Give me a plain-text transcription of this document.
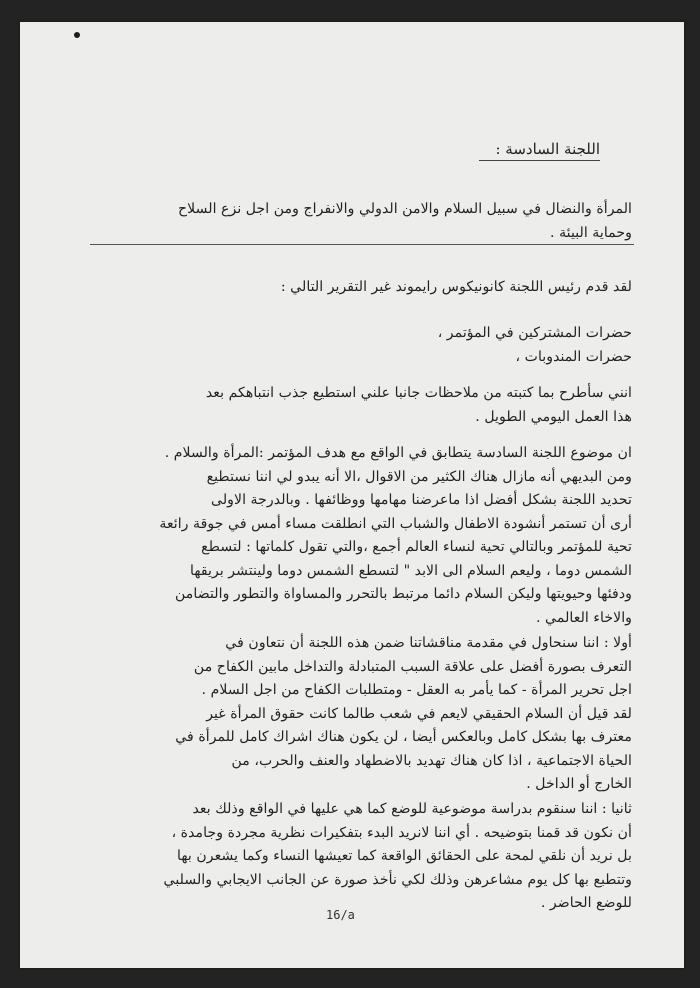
اللجنة السادسة :
المرأة والنضال في سبيل السلام والامن الدولي والانفراج ومن اجل نزع السلاح
وحماية البيئة .
لقد قدم رئيس اللجنة كانونيكوس رايموند غير التقرير التالي :
حضرات المشتركين في المؤتمر ،
حضرات المندوبات ،
انني سأطرح بما كتبته من ملاحظات جانبا علني استطيع جذب انتباهكم بعد
هذا العمل اليومي الطويل .
ان موضوع اللجنة السادسة يتطابق في الواقع مع هدف المؤتمر :المرأة والسلام .
ومن البديهي أنه مازال هناك الكثير من الاقوال ،الا أنه يبدو لي اننا نستطيع
تحديد اللجنة بشكل أفضل اذا ماعرضنا مهامها ووظائفها . وبالدرجة الاولى
أرى أن تستمر أنشودة الاطفال والشباب التي انطلقت مساء أمس في جوقة رائعة
تحية للمؤتمر وبالتالي تحية لنساء العالم أجمع ،والتي تقول كلماتها : لتسطع
الشمس دوما ، وليعم السلام الى الابد " لتسطع الشمس دوما ولينتشر بريقها
ودفئها وحيويتها وليكن السلام دائما مرتبط بالتحرر والمساواة والتطور والتضامن
والاخاء العالمي .
أولا : اننا سنحاول في مقدمة مناقشاتنا ضمن هذه اللجنة أن نتعاون في
التعرف بصورة أفضل على علاقة السبب المتبادلة والتداخل مابين الكفاح من
اجل تحرير المرأة - كما يأمر به العقل - ومتطلبات الكفاح من اجل السلام .
لقد قيل أن السلام الحقيقي لايعم في شعب طالما كانت حقوق المرأة غير
معترف بها بشكل كامل وبالعكس أيضا ، لن يكون هناك اشراك كامل للمرأة في
الحياة الاجتماعية ، اذا كان هناك تهديد بالاضطهاد والعنف والحرب، من
الخارج أو الداخل .
ثانيا : اننا سنقوم بدراسة موضوعية للوضع كما هي عليها في الواقع وذلك بعد
أن نكون قد قمنا بتوضيحه . أي اننا لانريد البدء بتفكيرات نظرية مجردة وجامدة ،
بل نريد أن نلقي لمحة على الحقائق الواقعة كما تعيشها النساء وكما يشعرن بها
وتتطبع بها كل يوم مشاعرهن وذلك لكي نأخذ صورة عن الجانب الايجابي والسلبي
للوضع الحاضر .
16/a
